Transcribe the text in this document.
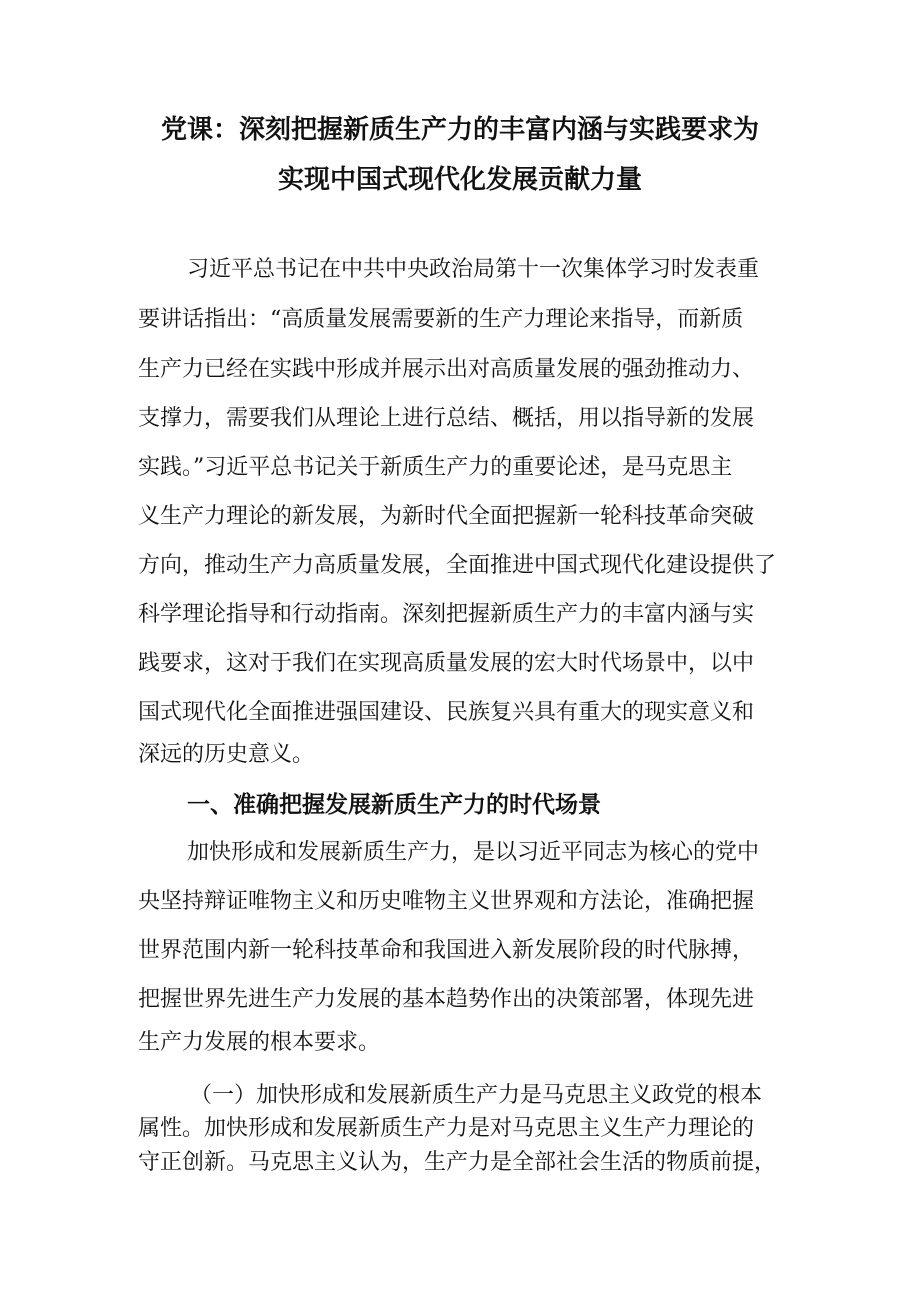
党课：深刻把握新质生产力的丰富内涵与实践要求为
实现中国式现代化发展贡献力量
习近平总书记在中共中央政治局第十一次集体学习时发表重
要讲话指出：“高质量发展需要新的生产力理论来指导，而新质
生产力已经在实践中形成并展示出对高质量发展的强劲推动力、
支撑力，需要我们从理论上进行总结、概括，用以指导新的发展
实践。”习近平总书记关于新质生产力的重要论述，是马克思主
义生产力理论的新发展，为新时代全面把握新一轮科技革命突破
方向，推动生产力高质量发展，全面推进中国式现代化建设提供了
科学理论指导和行动指南。深刻把握新质生产力的丰富内涵与实
践要求，这对于我们在实现高质量发展的宏大时代场景中，以中
国式现代化全面推进强国建设、民族复兴具有重大的现实意义和
深远的历史意义。
一、准确把握发展新质生产力的时代场景
加快形成和发展新质生产力，是以习近平同志为核心的党中
央坚持辩证唯物主义和历史唯物主义世界观和方法论，准确把握
世界范围内新一轮科技革命和我国进入新发展阶段的时代脉搏，
把握世界先进生产力发展的基本趋势作出的决策部署，体现先进
生产力发展的根本要求。
（一）加快形成和发展新质生产力是马克思主义政党的根本
属性。加快形成和发展新质生产力是对马克思主义生产力理论的
守正创新。马克思主义认为，生产力是全部社会生活的物质前提，
